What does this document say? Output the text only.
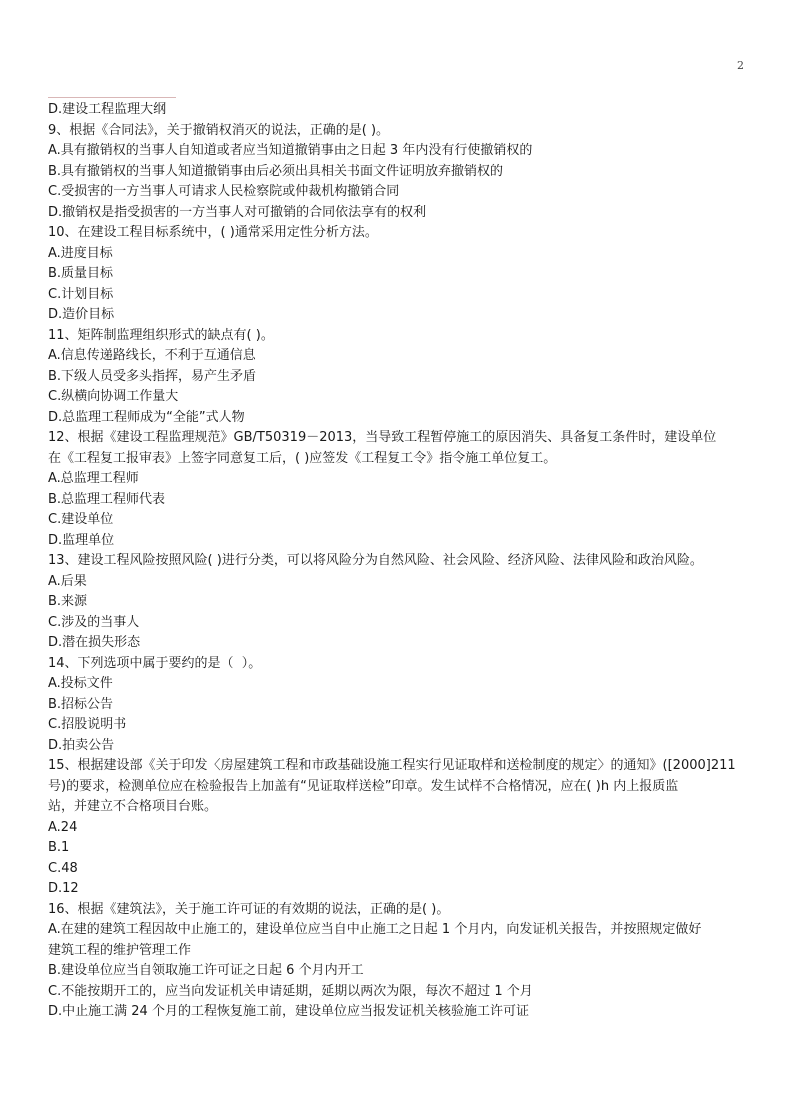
2
D.建设工程监理大纲
9、根据《合同法》，关于撤销权消灭的说法，正确的是( )。
A.具有撤销权的当事人自知道或者应当知道撤销事由之日起 3 年内没有行使撤销权的
B.具有撤销权的当事人知道撤销事由后必须出具相关书面文件证明放弃撤销权的
C.受损害的一方当事人可请求人民检察院或仲裁机构撤销合同
D.撤销权是指受损害的一方当事人对可撤销的合同依法享有的权利
10、在建设工程目标系统中，( )通常采用定性分析方法。
A.进度目标
B.质量目标
C.计划目标
D.造价目标
11、矩阵制监理组织形式的缺点有( )。
A.信息传递路线长，不利于互通信息
B.下级人员受多头指挥，易产生矛盾
C.纵横向协调工作量大
D.总监理工程师成为“全能”式人物
12、根据《建设工程监理规范》GB/T50319－2013，当导致工程暂停施工的原因消失、具备复工条件时，建设单位
在《工程复工报审表》上签字同意复工后，( )应签发《工程复工令》指令施工单位复工。
A.总监理工程师
B.总监理工程师代表
C.建设单位
D.监理单位
13、建设工程风险按照风险( )进行分类，可以将风险分为自然风险、社会风险、经济风险、法律风险和政治风险。
A.后果
B.来源
C.涉及的当事人
D.潜在损失形态
14、下列选项中属于要约的是（  ）。
A.投标文件
B.招标公告
C.招股说明书
D.拍卖公告
15、根据建设部《关于印发〈房屋建筑工程和市政基础设施工程实行见证取样和送检制度的规定〉的通知》([2000]211
号)的要求，检测单位应在检验报告上加盖有“见证取样送检”印章。发生试样不合格情况，应在( )h 内上报质监
站，并建立不合格项目台账。
A.24
B.1
C.48
D.12
16、根据《建筑法》，关于施工许可证的有效期的说法，正确的是( )。
A.在建的建筑工程因故中止施工的，建设单位应当自中止施工之日起 1 个月内，向发证机关报告，并按照规定做好
建筑工程的维护管理工作
B.建设单位应当自领取施工许可证之日起 6 个月内开工
C.不能按期开工的，应当向发证机关申请延期，延期以两次为限，每次不超过 1 个月
D.中止施工满 24 个月的工程恢复施工前，建设单位应当报发证机关核验施工许可证
